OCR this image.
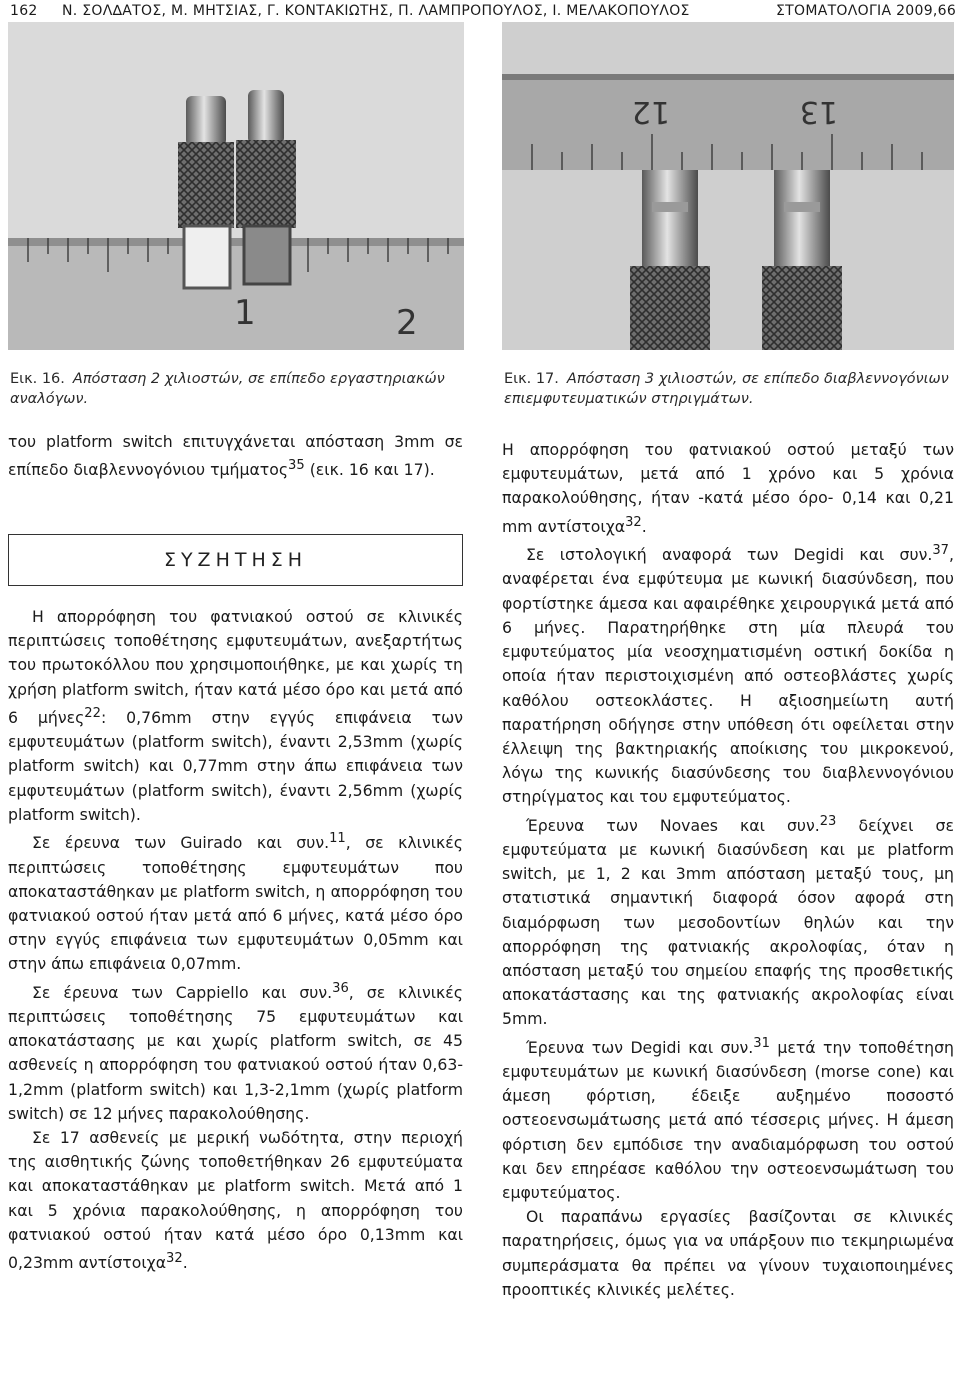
162 Ν. ΣΟΛ∆ΑΤΟΣ, Μ. ΜΗΤΣΙΑΣ, Γ. ΚΟΝΤΑΚΙΩΤΗΣ, Π. ΛΑΜΠΡΟΠΟΥΛΟΣ, Ι. ΜΕΛΑΚΟΠΟΥΛΟΣ	ΣΤΟΜΑΤΟΛΟΓΙΑ 2009,66
1	2
12	13
Εικ. 16. Απόσταση 2 χιλιοστών, σε επίπεδο εργαστηριακών αναλόγων.
Εικ. 17. Απόσταση 3 χιλιοστών, σε επίπεδο διαβλεννογόνιων επιεμφυτευματικών στηριγμάτων.

του platform switch επιτυγχάνεται απόσταση 3mm σε επίπεδο διαβλεννογόνιου τμήματος$^{35}$ (εικ. 16 και 17).

ΣΥΖΗΤΗΣΗ

Η απορρόφηση του φατνιακού οστού σε κλινικές περιπτώσεις τοποθέτησης εμφυτευμάτων, ανεξαρτήτως του πρωτοκόλλου που χρησιμοποιήθηκε, με και χωρίς τη χρήση platform switch, ήταν κατά μέσο όρο και μετά από 6 μήνες$^{22}$: 0,76mm στην εγγύς επιφάνεια των εμφυτευμάτων (platform switch), έναντι 2,53mm (χωρίς platform switch) και 0,77mm στην άπω επιφάνεια των εμφυτευμάτων (platform switch), έναντι 2,56mm (χωρίς platform switch).

Σε έρευνα των Guirado και συν.$^{11}$, σε κλινικές περιπτώσεις τοποθέτησης εμφυτευμάτων που αποκαταστάθηκαν με platform switch, η απορρόφηση του φατνιακού οστού ήταν μετά από 6 μήνες, κατά μέσο όρο στην εγγύς επιφάνεια των εμφυτευμάτων 0,05mm και στην άπω επιφάνεια 0,07mm.

Σε έρευνα των Cappiello και συν.$^{36}$, σε κλινικές περιπτώσεις τοποθέτησης 75 εμφυτευμάτων και αποκατάστασης με και χωρίς platform switch, σε 45 ασθενείς η απορρόφηση του φατνιακού οστού ήταν 0,63-1,2mm (platform switch) και 1,3-2,1mm (χωρίς platform switch) σε 12 μήνες παρακολούθησης.

Σε 17 ασθενείς με μερική νωδότητα, στην περιοχή της αισθητικής ζώνης τοποθετήθηκαν 26 εμφυτεύματα και αποκαταστάθηκαν με platform switch. Μετά από 1 και 5 χρόνια παρακολούθησης, η απορρόφηση του φατνιακού οστού ήταν κατά μέσο όρο 0,13mm και 0,23mm αντίστοιχα$^{32}$.

Η απορρόφηση του φατνιακού οστού μεταξύ των εμφυτευμάτων, μετά από 1 χρόνο και 5 χρόνια παρακολούθησης, ήταν -κατά μέσο όρο- 0,14 και 0,21 mm αντίστοιχα$^{32}$.

Σε ιστολογική αναφορά των Degidi και συν.$^{37}$, αναφέρεται ένα εμφύτευμα με κωνική διασύνδεση, που φορτίστηκε άμεσα και αφαιρέθηκε χειρουργικά μετά από 6 μήνες. Παρατηρήθηκε στη μία πλευρά του εμφυτεύματος μία νεοσχηματισμένη οστική δοκίδα η οποία ήταν περιστοιχισμένη από οστεοβλάστες χωρίς καθόλου οστεοκλάστες. Η αξιοσημείωτη αυτή παρατήρηση οδήγησε στην υπόθεση ότι οφείλεται στην έλλειψη της βακτηριακής αποίκισης του μικροκενού, λόγω της κωνικής διασύνδεσης του διαβλεννογόνιου στηρίγματος και του εμφυτεύματος.

Έρευνα των Novaes και συν.$^{23}$ δείχνει σε εμφυτεύματα με κωνική διασύνδεση και με platform switch, με 1, 2 και 3mm απόσταση μεταξύ τους, μη στατιστικά σημαντική διαφορά όσον αφορά στη διαμόρφωση των μεσοδοντίων θηλών και την απορρόφηση της φατνιακής ακρολοφίας, όταν η απόσταση μεταξύ του σημείου επαφής της προσθετικής αποκατάστασης και της φατνιακής ακρολοφίας είναι 5mm.

Έρευνα των Degidi και συν.$^{31}$ μετά την τοποθέτηση εμφυτευμάτων με κωνική διασύνδεση (morse cone) και άμεση φόρτιση, έδειξε αυξημένο ποσοστό οστεοενσωμάτωσης μετά από τέσσερις μήνες. Η άμεση φόρτιση δεν εμπόδισε την αναδιαμόρφωση του οστού και δεν επηρέασε καθόλου την οστεοενσωμάτωση του εμφυτεύματος.

Οι παραπάνω εργασίες βασίζονται σε κλινικές παρατηρήσεις, όμως για να υπάρξουν πιο τεκμηριωμένα συμπεράσματα θα πρέπει να γίνουν τυχαιοποιημένες προοπτικές κλινικές μελέτες.
